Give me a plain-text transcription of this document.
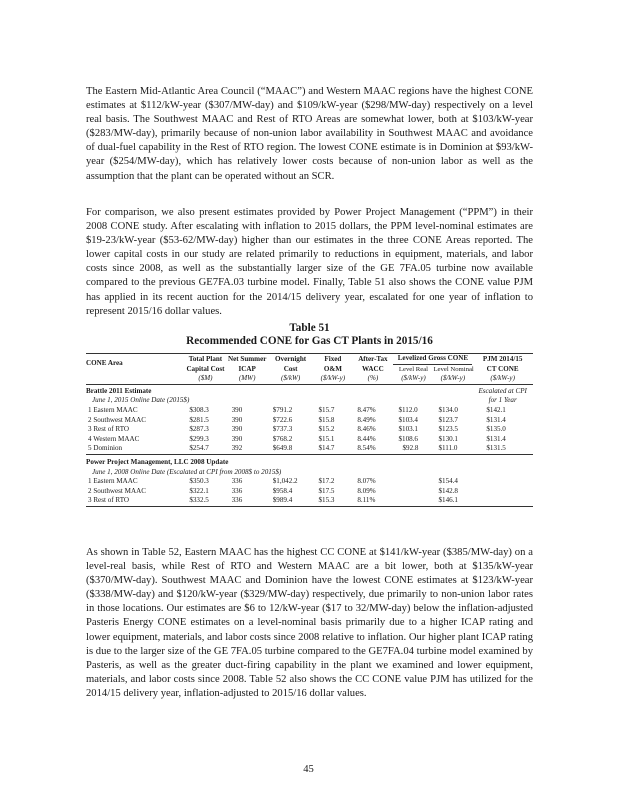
The Eastern Mid-Atlantic Area Council (“MAAC”) and Western MAAC regions have the highest CONE estimates at $112/kW-year ($307/MW-day) and $109/kW-year ($298/MW-day) respectively on a level real basis. The Southwest MAAC and Rest of RTO Areas are somewhat lower, both at $103/kW-year ($283/MW-day), primarily because of non-union labor availability in Southwest MAAC and avoidance of dual-fuel capability in the Rest of RTO region. The lowest CONE estimate is in Dominion at $93/kW-year ($254/MW-day), which has relatively lower costs because of non-union labor as well as the assumption that the plant can be operated without an SCR.

For comparison, we also present estimates provided by Power Project Management (“PPM”) in their 2008 CONE study. After escalating with inflation to 2015 dollars, the PPM level-nominal estimates are $19-23/kW-year ($53-62/MW-day) higher than our estimates in the three CONE Areas reported. The lower capital costs in our study are related primarily to reductions in equipment, materials, and labor costs since 2008, as well as the substantially larger size of the GE 7FA.05 turbine now available compared to the previous GE7FA.03 turbine model. Finally, Table 51 also shows the CONE value PJM has applied in its recent auction for the 2014/15 delivery year, escalated for one year of inflation to represent 2015/16 dollar values.

Table 51

Recommended CONE for Gas CT Plants in 2015/16

CONE Area	Total Plant	Net Summer	Overnight	Fixed	After-Tax	Levelized Gross CONE		PJM 2014/15
	Capital Cost	ICAP	Cost	O&M	WACC	Level Real	Level Nominal	CT CONE
	($M)	(MW)	($/kW)	($/kW-y)	(%)	($/kW-y)	($/kW-y)	($/kW-y)
Brattle 2011 Estimate								Escalated at CPI
June 1, 2015 Online Date (2015$)								for 1 Year
1 Eastern MAAC	$308.3	390	$791.2	$15.7	8.47%	$112.0	$134.0	$142.1
2 Southwest MAAC	$281.5	390	$722.6	$15.8	8.49%	$103.4	$123.7	$131.4
3 Rest of RTO	$287.3	390	$737.3	$15.2	8.46%	$103.1	$123.5	$135.0
4 Western MAAC	$299.3	390	$768.2	$15.1	8.44%	$108.6	$130.1	$131.4
5 Dominion	$254.7	392	$649.8	$14.7	8.54%	$92.8	$111.0	$131.5
Power Project Management, LLC 2008 Update								
June 1, 2008 Online Date (Escalated at CPI from 2008$ to 2015$)								
1 Eastern MAAC	$350.3	336	$1,042.2	$17.2	8.07%		$154.4	
2 Southwest MAAC	$322.1	336	$958.4	$17.5	8.09%		$142.8	
3 Rest of RTO	$332.5	336	$989.4	$15.3	8.11%		$146.1	

As shown in Table 52, Eastern MAAC has the highest CC CONE at $141/kW-year ($385/MW-day) on a level-real basis, while Rest of RTO and Western MAAC are a bit lower, both at $135/kW-year ($370/MW-day). Southwest MAAC and Dominion have the lowest CONE estimates at $123/kW-year ($338/MW-day) and $120/kW-year ($329/MW-day) respectively, due primarily to non-union labor rates in those locations. Our estimates are $6 to 12/kW-year ($17 to 32/MW-day) below the inflation-adjusted Pasteris Energy CONE estimates on a level-nominal basis primarily due to a higher ICAP rating and lower equipment, materials, and labor costs since 2008 relative to inflation. Our higher plant ICAP rating is due to the larger size of the GE 7FA.05 turbine compared to the GE7FA.04 turbine model examined by Pasteris, as well as the greater duct-firing capability in the plant we examined and lower equipment, materials, and labor costs since 2008. Table 52 also shows the CC CONE value PJM has utilized for the 2014/15 delivery year, inflation-adjusted to 2015/16 dollar values.

45
